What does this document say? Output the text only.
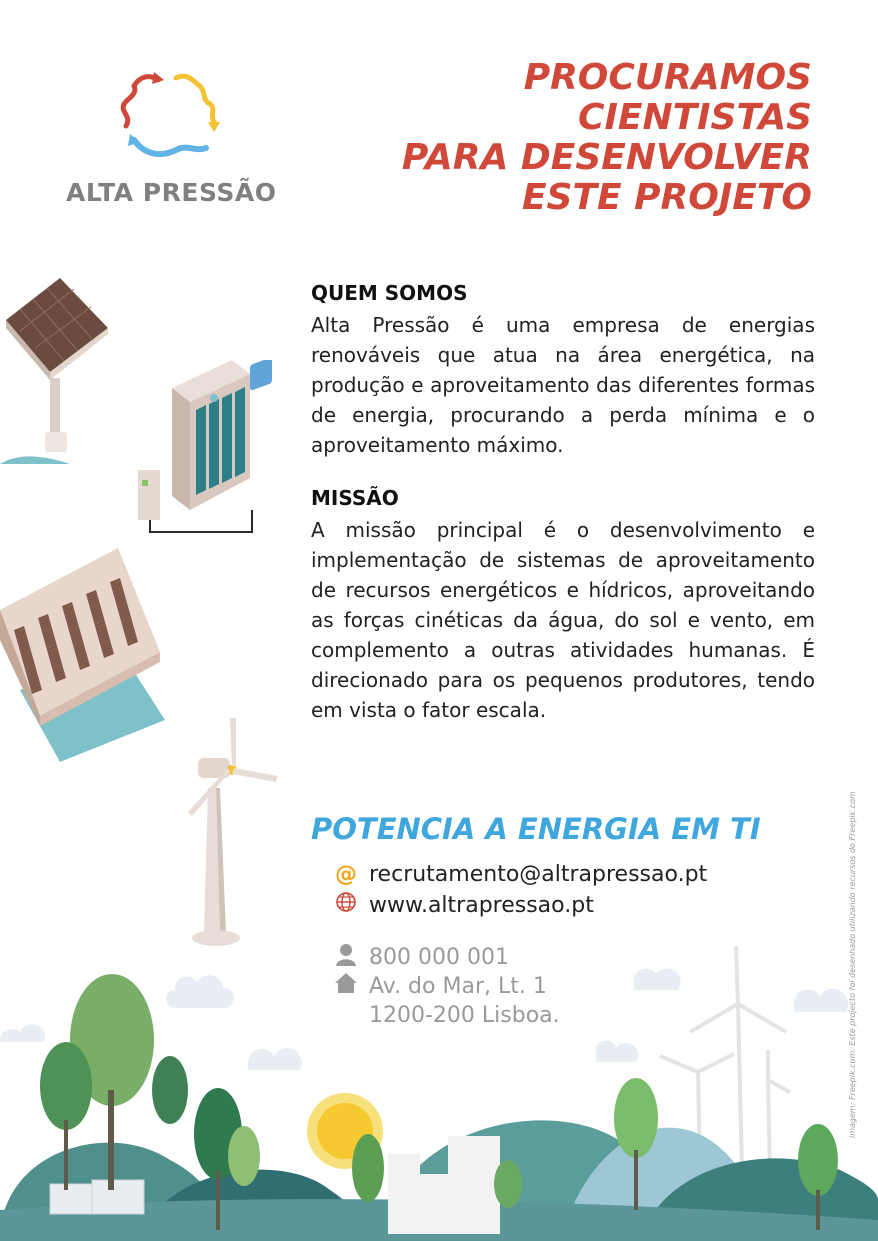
ALTA PRESSÃO
PROCURAMOS
CIENTISTAS
PARA DESENVOLVER
ESTE PROJETO
QUEM SOMOS
Alta Pressão é uma empresa de energias renováveis que atua na área energética, na produção e aproveitamento das diferentes formas de energia, procurando a perda mínima e o aproveitamento máximo.
MISSÃO
A missão principal é o desenvolvimento e implementação de sistemas de aproveitamento de recursos energéticos e hídricos, aproveitando as forças cinéticas da água, do sol e vento, em complemento a outras atividades humanas. É direcionado para os pequenos produtores, tendo em vista o fator escala.
POTENCIA A ENERGIA EM TI
@ recrutamento@altrapressao.pt
www.altrapressao.pt
800 000 001
Av. do Mar, Lt. 1
1200-200 Lisboa.	imagem: Freepik.com. Este projecto foi desenhado utilizando recursos do Freepik.com
